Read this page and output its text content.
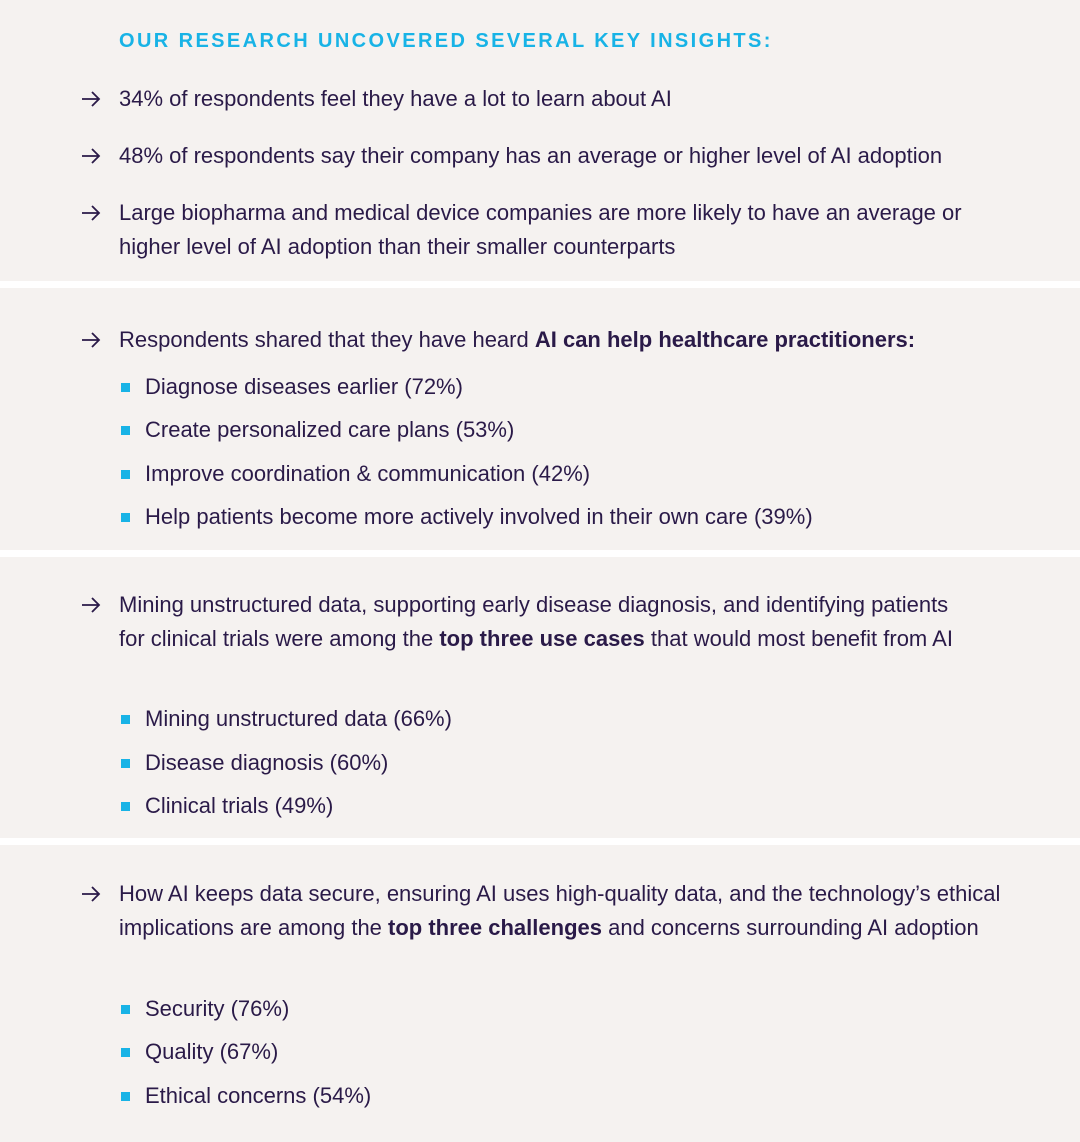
OUR RESEARCH UNCOVERED SEVERAL KEY INSIGHTS:
34% of respondents feel they have a lot to learn about AI
48% of respondents say their company has an average or higher level of AI adoption
Large biopharma and medical device companies are more likely to have an average or higher level of AI adoption than their smaller counterparts
Respondents shared that they have heard AI can help healthcare practitioners:
Diagnose diseases earlier (72%)
Create personalized care plans (53%)
Improve coordination & communication (42%)
Help patients become more actively involved in their own care (39%)
Mining unstructured data, supporting early disease diagnosis, and identifying patients for clinical trials were among the top three use cases that would most benefit from AI
Mining unstructured data (66%)
Disease diagnosis (60%)
Clinical trials (49%)
How AI keeps data secure, ensuring AI uses high-quality data, and the technology’s ethical implications are among the top three challenges and concerns surrounding AI adoption
Security (76%)
Quality (67%)
Ethical concerns (54%)
